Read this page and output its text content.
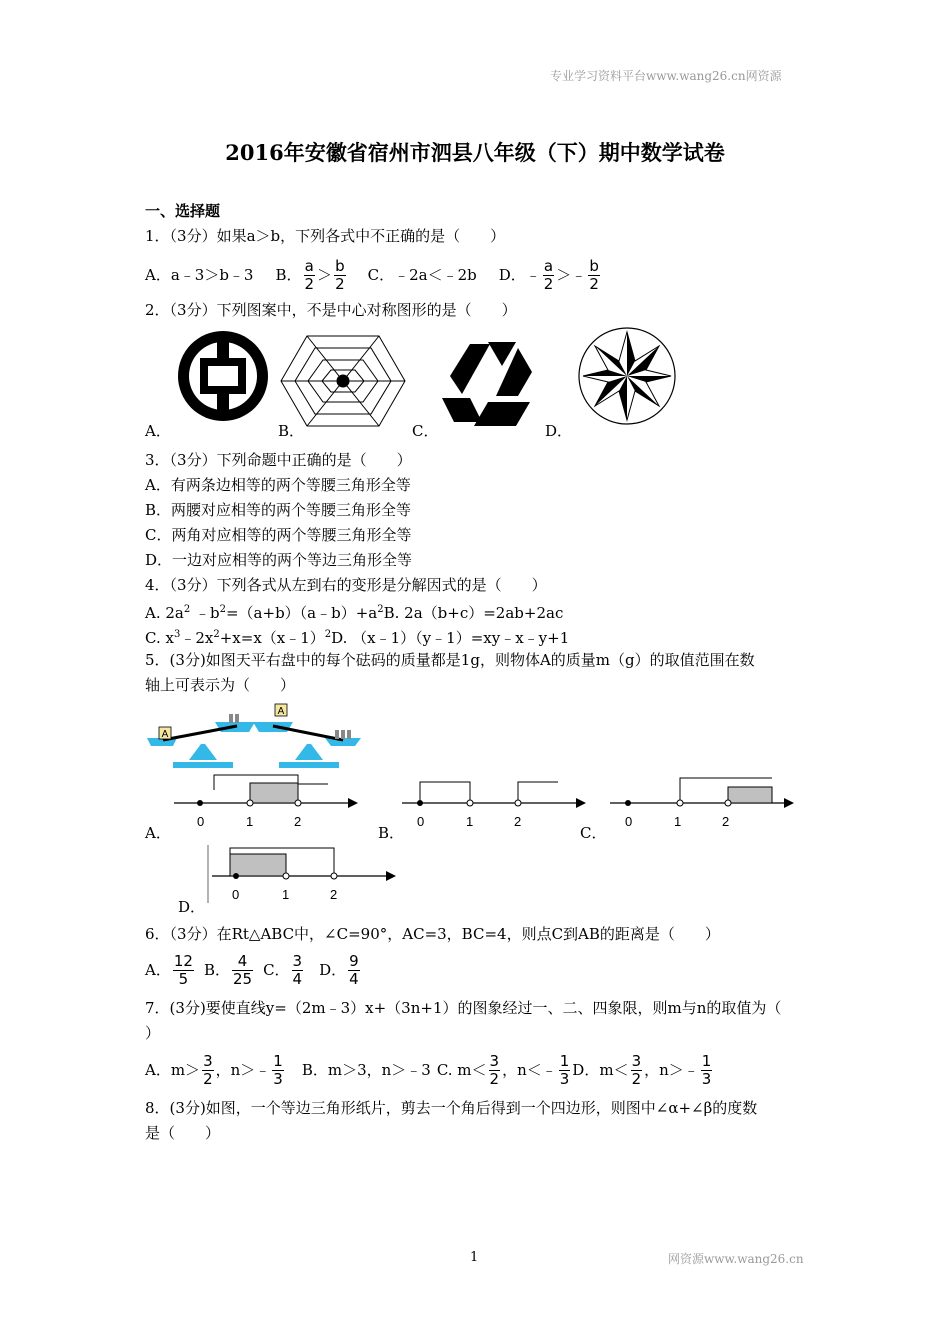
专业学习资料平台www.wang26.cn网资源
2016年安徽省宿州市泗县八年级（下）期中数学试卷
一、选择题
1．（3分）如果a＞b，下列各式中不正确的是（　　）
A．a﹣3＞b﹣3 B． $\frac{a}{2} > \frac{b}{2}$ C．﹣2a＜﹣2b D．﹣ $\frac{a}{2}$ ＞﹣ $\frac{b}{2}$
2．（3分）下列图案中，不是中心对称图形的是（　　）
A．	B．	C．	D．
3．（3分）下列命题中正确的是（　　）
A．有两条边相等的两个等腰三角形全等
B．两腰对应相等的两个等腰三角形全等
C．两角对应相等的两个等腰三角形全等
D．一边对应相等的两个等边三角形全等
4．（3分）下列各式从左到右的变形是分解因式的是（　　）
A. $2a^2$ $﹣b^2=(a+b)(a﹣b)+a^2B$. 2a（b+c）=2ab+2ac
C. $x^3﹣2x^2+x=x(x﹣1)^2D$. （x﹣1）（y﹣1）=xy﹣x﹣y+1
5．(3分)如图天平右盘中的每个砝码的质量都是1g，则物体A的质量m（g）的取值范围在数
轴上可表示为（　　）
A
A
0	1	2
A．
0	1	2
B．
0	1	2
C．
0	1	2
D．
6．（3分）在Rt△ABC中，∠C=90°，AC=3，BC=4，则点C到AB的距离是（　　）
A． $\frac{12}{5}$ B． $\frac{4}{25}$ C． $\frac{3}{4}$ D． $\frac{9}{4}$
7．(3分)要使直线y=（2m﹣3）x+（3n+1）的图象经过一、二、四象限，则m与n的取值为（
）
A．$m> \frac{3}{2}$ ，n＞﹣ $\frac{1}{3}$ B．m＞3，n＞﹣3 C. $m< \frac{3}{2}$ ，n＜﹣ $\frac{1}{3}$ D．$m< \frac{3}{2}$ ，n＞﹣ $\frac{1}{3}$
8．(3分)如图，一个等边三角形纸片，剪去一个角后得到一个四边形，则图中∠α+∠β的度数
是（　　）
1	网资源www.wang26.cn
